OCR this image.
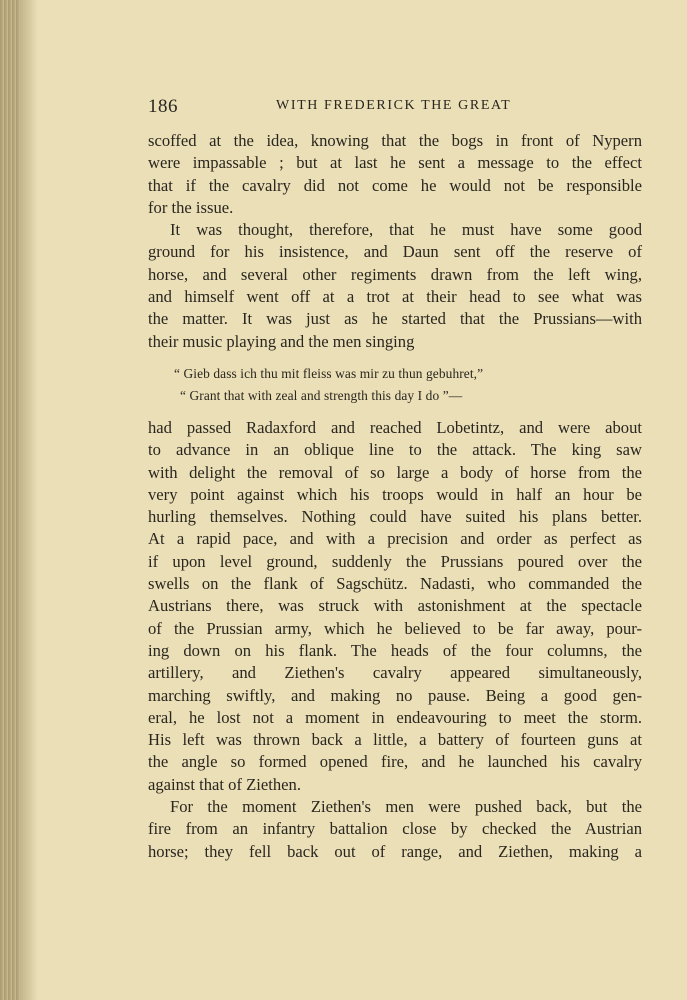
186	WITH FREDERICK THE GREAT
scoffed at the idea, knowing that the bogs in front of Nypern
were impassable ; but at last he sent a message to the effect
that if the cavalry did not come he would not be responsible
for the issue.
It was thought, therefore, that he must have some good
ground for his insistence, and Daun sent off the reserve of
horse, and several other regiments drawn from the left wing,
and himself went off at a trot at their head to see what was
the matter. It was just as he started that the Prussians—with
their music playing and the men singing
“ Gieb dass ich thu mit fleiss was mir zu thun gebuhret,”
“ Grant that with zeal and strength this day I do ”—
had passed Radaxford and reached Lobetintz, and were about
to advance in an oblique line to the attack. The king saw
with delight the removal of so large a body of horse from the
very point against which his troops would in half an hour be
hurling themselves. Nothing could have suited his plans better.
At a rapid pace, and with a precision and order as perfect as
if upon level ground, suddenly the Prussians poured over the
swells on the flank of Sagschütz. Nadasti, who commanded the
Austrians there, was struck with astonishment at the spectacle
of the Prussian army, which he believed to be far away, pour-
ing down on his flank. The heads of the four columns, the
artillery, and Ziethen's cavalry appeared simultaneously,
marching swiftly, and making no pause. Being a good gen-
eral, he lost not a moment in endeavouring to meet the storm.
His left was thrown back a little, a battery of fourteen guns at
the angle so formed opened fire, and he launched his cavalry
against that of Ziethen.
For the moment Ziethen's men were pushed back, but the
fire from an infantry battalion close by checked the Austrian
horse; they fell back out of range, and Ziethen, making a
